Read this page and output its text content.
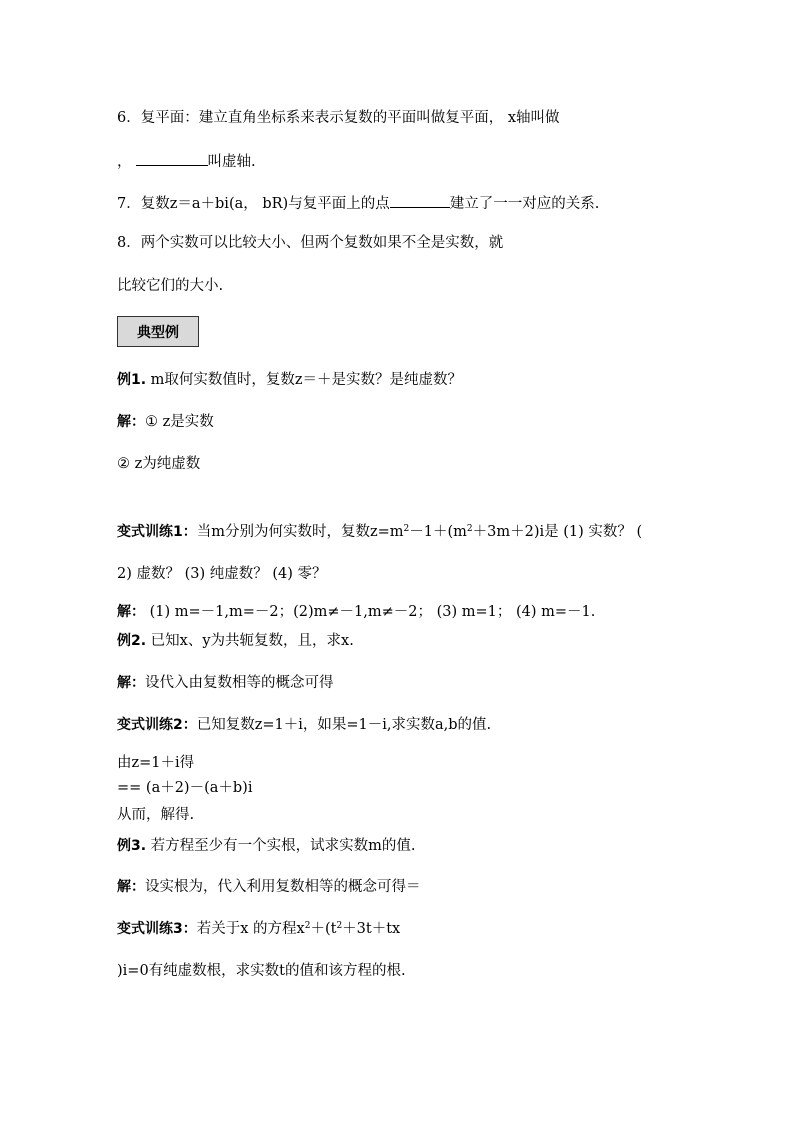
6．复平面：建立直角坐标系来表示复数的平面叫做复平面， x轴叫做
，	叫虚轴.
7．复数z＝a＋bi(a， bR)与复平面上的点	建立了一一对应的关系.
8．两个实数可以比较大小、但两个复数如果不全是实数，就
比较它们的大小.
典型例
例1. m取何实数值时，复数z＝＋是实数？是纯虚数？
解：① z是实数
② z为纯虚数
变式训练1：当m分别为何实数时，复数$z=m^2-1+(m^2+3m+2)i$是 (1) 实数？ (
2) 虚数？ (3) 纯虚数？ (4) 零？
解： (1) m=－1,m=－2；(2)m≠－1,m≠－2； (3) m=1； (4) m=－1.
例2. 已知x、y为共轭复数，且，求x.
解：设代入由复数相等的概念可得
变式训练2：已知复数z=1＋i，如果=1－i,求实数a,b的值.
由z=1＋i得
== (a＋2)－(a＋b)i
从而，解得.
例3. 若方程至少有一个实根，试求实数m的值.
解：设实根为，代入利用复数相等的概念可得＝
变式训练3：若关于x 的方程$x^2+(t^2+3t+tx$
)i=0有纯虚数根，求实数t的值和该方程的根.
